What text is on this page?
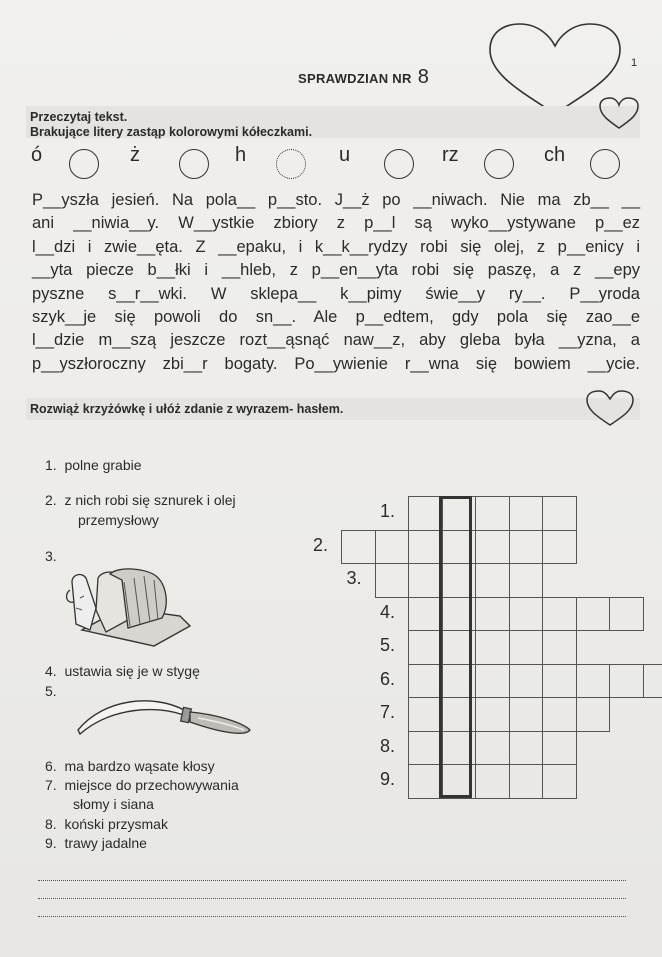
1
SPRAWDZIAN NR 8
Przeczytaj tekst.
Brakujące litery zastąp kolorowymi kółeczkami.
ó	ż	h	u	rz	ch
P__yszła jesień. Na pola__ p__sto. J__ż po __niwach. Nie ma zb__ __
ani __niwia__y. W__ystkie zbiory z p__l są wyko__ystywane p__ez
l__dzi i zwie__ęta. Z __epaku, i k__k__rydzy robi się olej, z p__enicy i
__yta piecze b__łki i __hleb, z p__en__yta robi się paszę, a z __epy
pyszne s__r__wki. W sklepa__ k__pimy świe__y ry__. P__yroda
szyk__je się powoli do sn__. Ale p__edtem, gdy pola się zao__e
l__dzie m__szą jeszcze rozt__ąsnąć naw__z, aby gleba była __yzna, a
p__yszłoroczny zbi__r bogaty. Po__ywienie r__wna się bowiem __ycie.
Rozwiąż krzyżówkę i ułóż zdanie z wyrazem- hasłem.
1. polne grabie
2. z nich robi się sznurek i olej
przemysłowy
3.
4. ustawia się je w stygę
5.
6. ma bardzo wąsate kłosy
7. miejsce do przechowywania
słomy i siana
8. koński przysmak
9. trawy jadalne
1.
2.
3.
4.
5.
6.
7.
8.
9.
